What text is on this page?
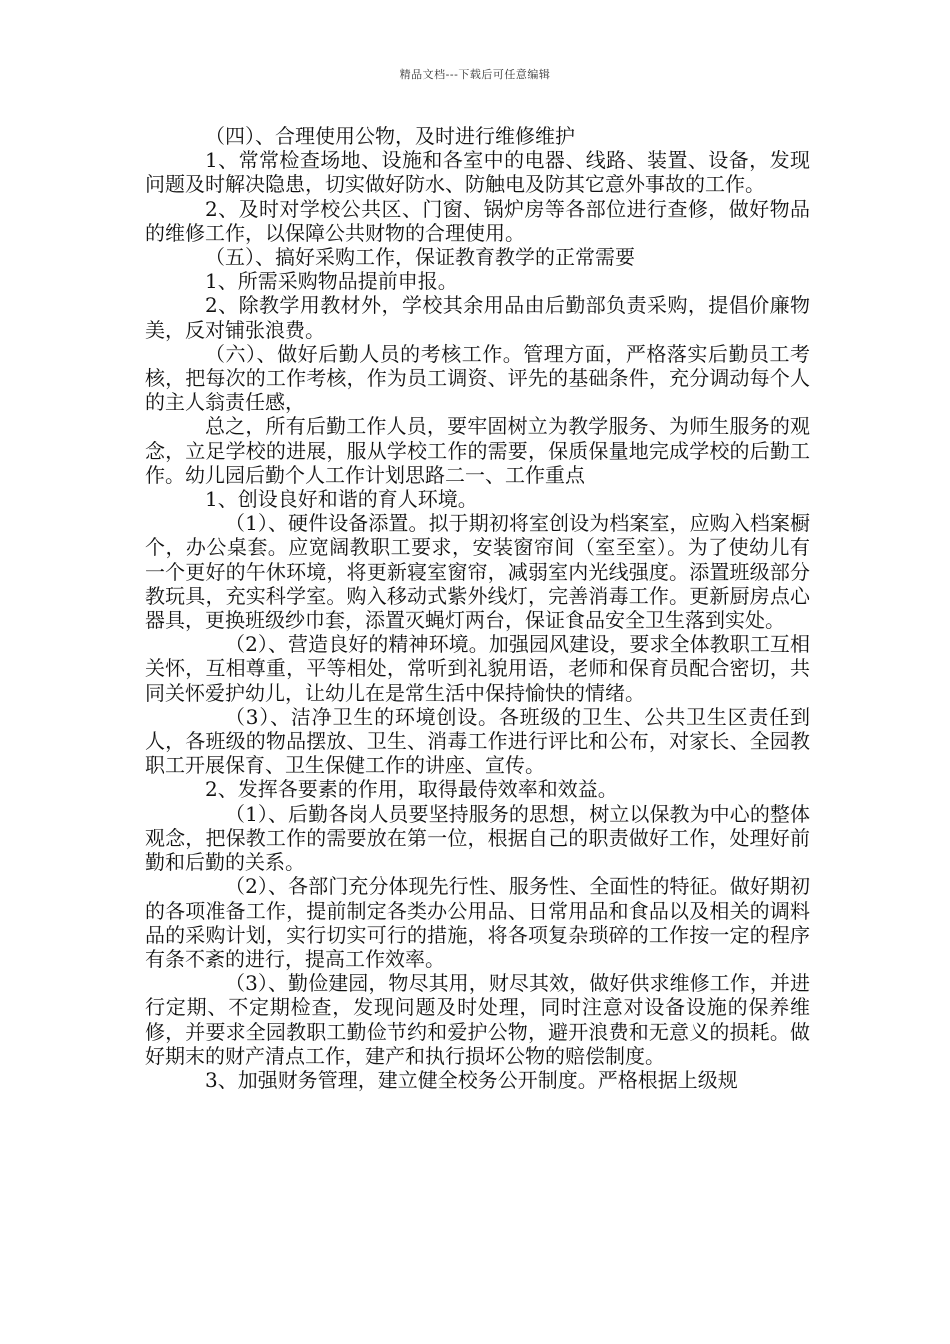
精品文档---下载后可任意编辑

（四）、合理使用公物，及时进行维修维护

1、常常检查场地、设施和各室中的电器、线路、装置、设备，发现问题及时解决隐患，切实做好防水、防触电及防其它意外事故的工作。

2、及时对学校公共区、门窗、锅炉房等各部位进行查修，做好物品的维修工作，以保障公共财物的合理使用。

（五）、搞好采购工作，保证教育教学的正常需要

1、所需采购物品提前申报。

2、除教学用教材外，学校其余用品由后勤部负责采购，提倡价廉物美，反对铺张浪费。

（六）、做好后勤人员的考核工作。管理方面，严格落实后勤员工考核，把每次的工作考核，作为员工调资、评先的基础条件，充分调动每个人的主人翁责任感，

总之，所有后勤工作人员，要牢固树立为教学服务、为师生服务的观念，立足学校的进展，服从学校工作的需要，保质保量地完成学校的后勤工作。幼儿园后勤个人工作计划思路二一、工作重点

1、创设良好和谐的育人环境。

（1）、硬件设备添置。拟于期初将室创设为档案室，应购入档案橱个，办公桌套。应宽阔教职工要求，安装窗帘间（室至室）。为了使幼儿有一个更好的午休环境，将更新寝室窗帘，减弱室内光线强度。添置班级部分教玩具，充实科学室。购入移动式紫外线灯，完善消毒工作。更新厨房点心器具，更换班级纱巾套，添置灭蝇灯两台，保证食品安全卫生落到实处。

（2）、营造良好的精神环境。加强园风建设，要求全体教职工互相关怀，互相尊重，平等相处，常听到礼貌用语，老师和保育员配合密切，共同关怀爱护幼儿，让幼儿在是常生活中保持愉快的情绪。

（3）、洁净卫生的环境创设。各班级的卫生、公共卫生区责任到人，各班级的物品摆放、卫生、消毒工作进行评比和公布，对家长、全园教职工开展保育、卫生保健工作的讲座、宣传。

2、发挥各要素的作用，取得最侍效率和效益。

（1）、后勤各岗人员要坚持服务的思想，树立以保教为中心的整体观念，把保教工作的需要放在第一位，根据自己的职责做好工作，处理好前勤和后勤的关系。

（2）、各部门充分体现先行性、服务性、全面性的特征。做好期初的各项准备工作，提前制定各类办公用品、日常用品和食品以及相关的调料品的采购计划，实行切实可行的措施，将各项复杂琐碎的工作按一定的程序有条不紊的进行，提高工作效率。

（3）、勤俭建园，物尽其用，财尽其效，做好供求维修工作，并进行定期、不定期检查，发现问题及时处理，同时注意对设备设施的保养维修，并要求全园教职工勤俭节约和爱护公物，避开浪费和无意义的损耗。做好期末的财产清点工作，建产和执行损坏公物的赔偿制度。

3、加强财务管理，建立健全校务公开制度。严格根据上级规
